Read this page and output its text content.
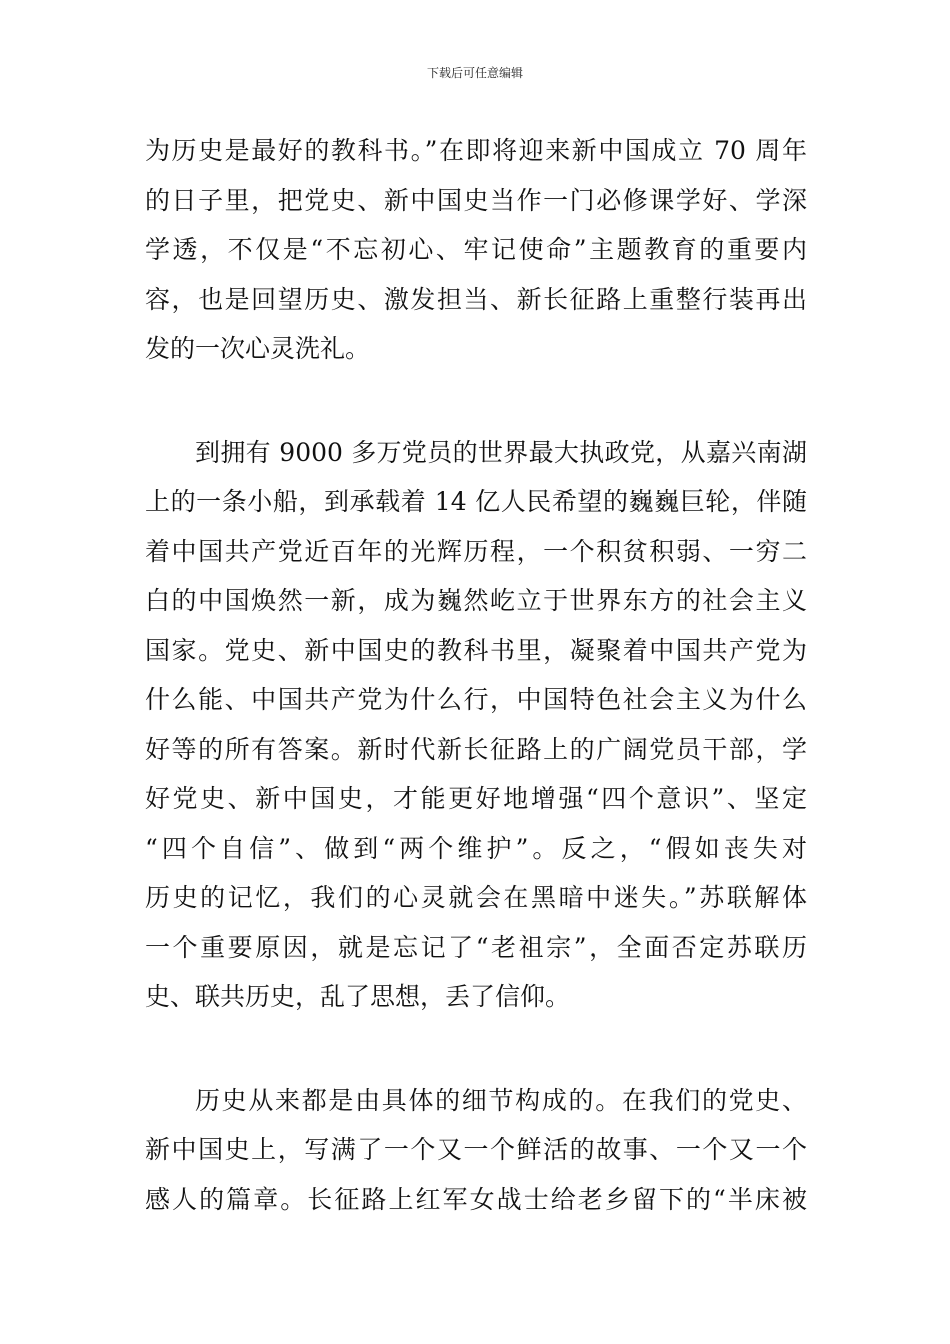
下载后可任意编辑
为历史是最好的教科书。”在即将迎来新中国成立 70 周年
的日子里，把党史、新中国史当作一门必修课学好、学深
学透，不仅是“不忘初心、牢记使命”主题教育的重要内
容，也是回望历史、激发担当、新长征路上重整行装再出
发的一次心灵洗礼。
到拥有 9000 多万党员的世界最大执政党，从嘉兴南湖
上的一条小船，到承载着 14 亿人民希望的巍巍巨轮，伴随
着中国共产党近百年的光辉历程，一个积贫积弱、一穷二
白的中国焕然一新，成为巍然屹立于世界东方的社会主义
国家。党史、新中国史的教科书里，凝聚着中国共产党为
什么能、中国共产党为什么行，中国特色社会主义为什么
好等的所有答案。新时代新长征路上的广阔党员干部，学
好党史、新中国史，才能更好地增强“四个意识”、坚定
“四个自信”、做到“两个维护”。反之，“假如丧失对
历史的记忆，我们的心灵就会在黑暗中迷失。”苏联解体
一个重要原因，就是忘记了“老祖宗”，全面否定苏联历
史、联共历史，乱了思想，丢了信仰。
历史从来都是由具体的细节构成的。在我们的党史、
新中国史上，写满了一个又一个鲜活的故事、一个又一个
感人的篇章。长征路上红军女战士给老乡留下的“半床被
